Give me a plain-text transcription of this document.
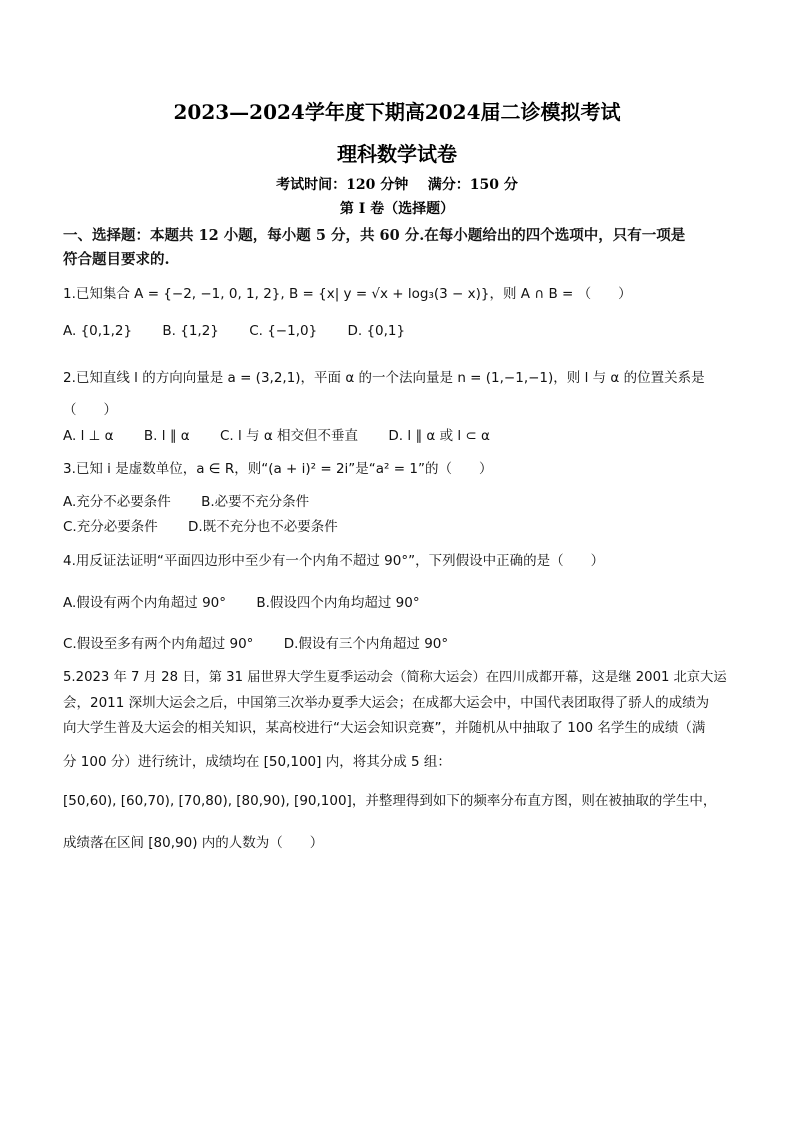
2023—2024学年度下期高2024届二诊模拟考试
理科数学试卷
考试时间：120 分钟    满分：150 分
第 I 卷（选择题）
一、选择题：本题共 12 小题，每小题 5 分，共 60 分.在每小题给出的四个选项中，只有一项是
符合题目要求的.
1.已知集合 A = {−2, −1, 0, 1, 2}, B = {x| y = √x + log₃(3 − x)}，则 A ∩ B = （　　）
A. {0,1,2} B. {1,2} C. {−1,0} D. {0,1}
2.已知直线 l 的方向向量是 a = (3,2,1)，平面 α 的一个法向量是 n = (1,−1,−1)，则 l 与 α 的位置关系是
（　　）
A. l ⊥ α B. l ∥ α C. l 与 α 相交但不垂直 D. l ∥ α 或 l ⊂ α
3.已知 i 是虚数单位，a ∈ R，则“(a + i)² = 2i”是“a² = 1”的（　　）
A.充分不必要条件 B.必要不充分条件
C.充分必要条件 D.既不充分也不必要条件
4.用反证法证明“平面四边形中至少有一个内角不超过 90°”，下列假设中正确的是（　　）
A.假设有两个内角超过 90° B.假设四个内角均超过 90°
C.假设至多有两个内角超过 90° D.假设有三个内角超过 90°
5.2023 年 7 月 28 日，第 31 届世界大学生夏季运动会（简称大运会）在四川成都开幕，这是继 2001 北京大运
会，2011 深圳大运会之后，中国第三次举办夏季大运会；在成都大运会中，中国代表团取得了骄人的成绩为
向大学生普及大运会的相关知识，某高校进行“大运会知识竞赛”，并随机从中抽取了 100 名学生的成绩（满
分 100 分）进行统计，成绩均在 [50,100] 内，将其分成 5 组：
[50,60), [60,70), [70,80), [80,90), [90,100]，并整理得到如下的频率分布直方图，则在被抽取的学生中，
成绩落在区间 [80,90) 内的人数为（　　）
